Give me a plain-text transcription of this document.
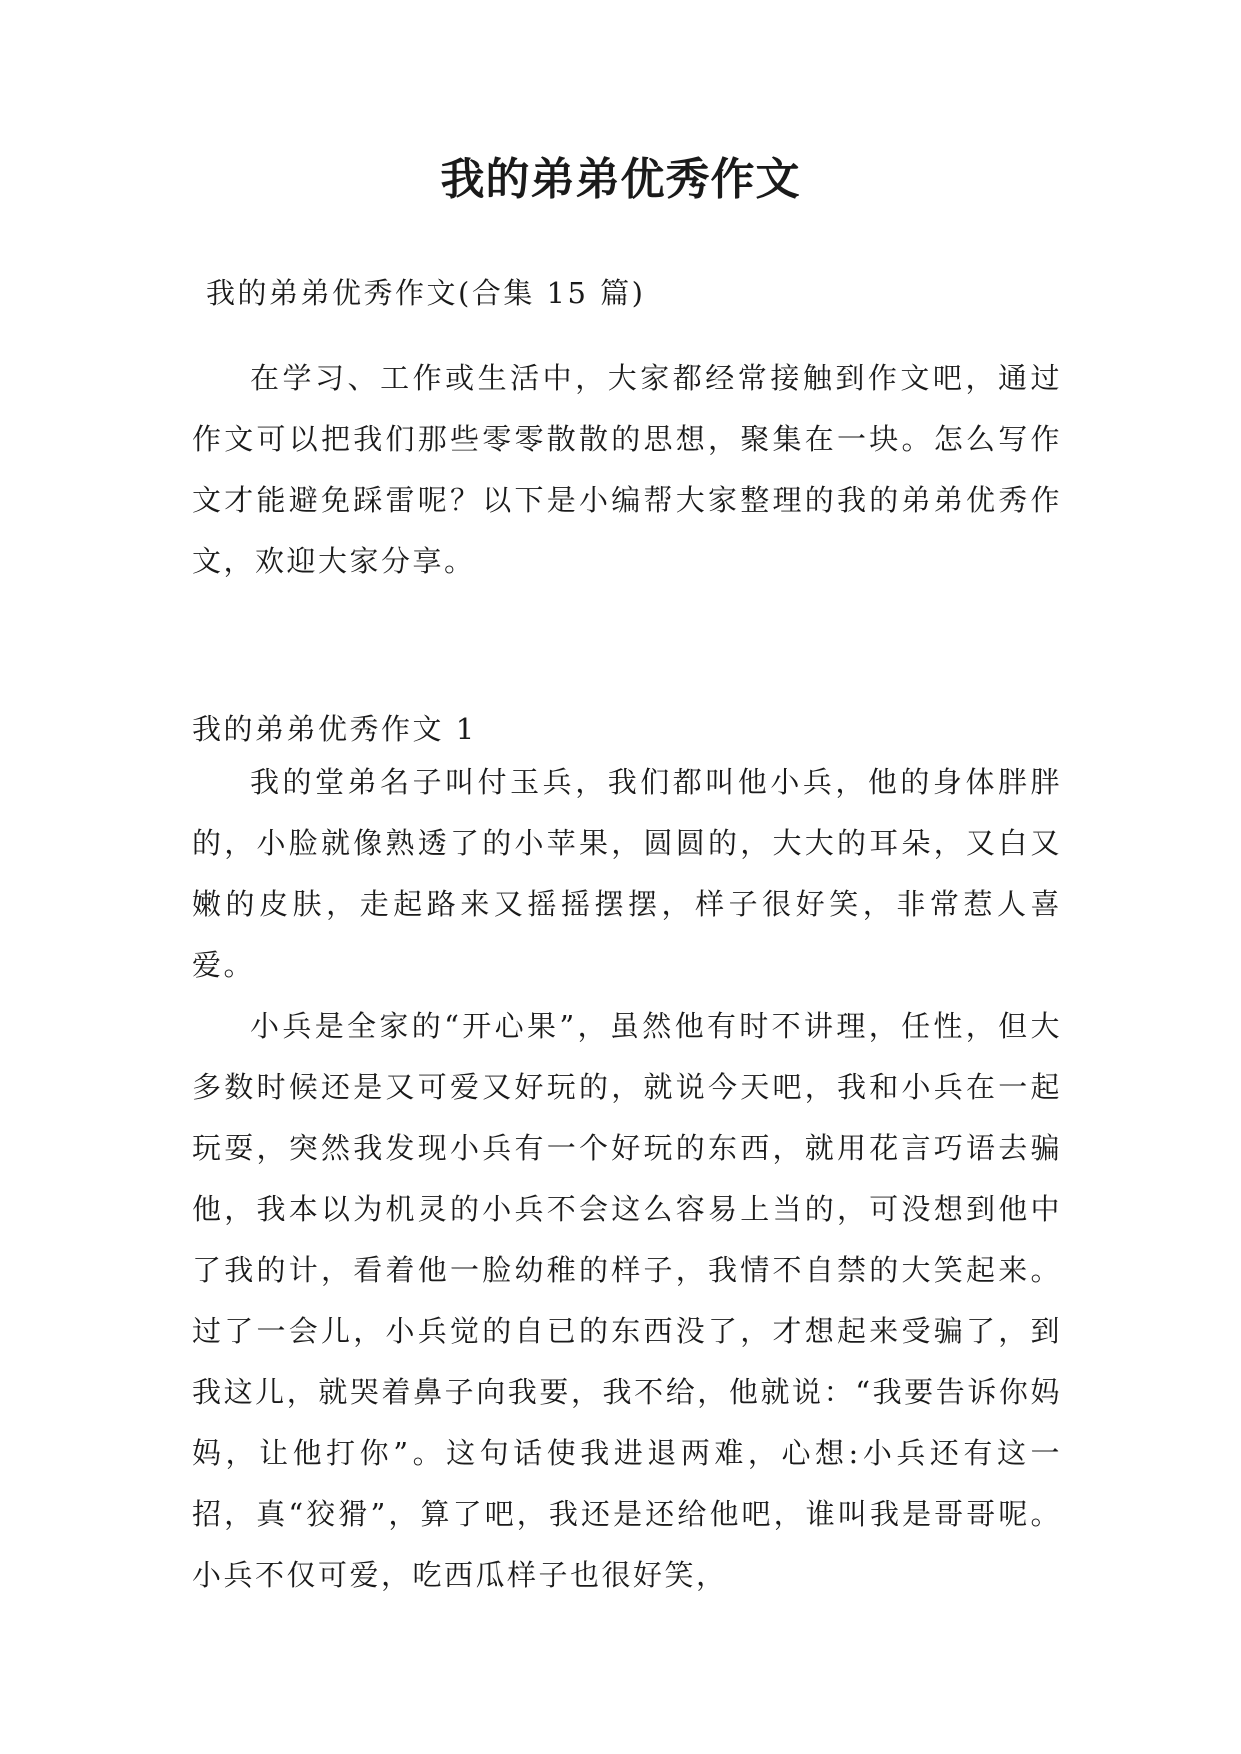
我的弟弟优秀作文
我的弟弟优秀作文(合集 15 篇)

在学习、工作或生活中，大家都经常接触到作文吧，通过作文可以把我们那些零零散散的思想，聚集在一块。怎么写作文才能避免踩雷呢？以下是小编帮大家整理的我的弟弟优秀作文，欢迎大家分享。

我的弟弟优秀作文 1

我的堂弟名子叫付玉兵，我们都叫他小兵，他的身体胖胖的，小脸就像熟透了的小苹果，圆圆的，大大的耳朵，又白又嫩的皮肤，走起路来又摇摇摆摆，样子很好笑，非常惹人喜爱。

小兵是全家的“开心果”，虽然他有时不讲理，任性，但大多数时候还是又可爱又好玩的，就说今天吧，我和小兵在一起玩耍，突然我发现小兵有一个好玩的东西，就用花言巧语去骗他，我本以为机灵的小兵不会这么容易上当的，可没想到他中了我的计，看着他一脸幼稚的样子，我情不自禁的大笑起来。过了一会儿，小兵觉的自已的东西没了，才想起来受骗了，到我这儿，就哭着鼻子向我要，我不给，他就说：“我要告诉你妈妈，让他打你”。这句话使我进退两难，心想:小兵还有这一招，真“狡猾”，算了吧，我还是还给他吧，谁叫我是哥哥呢。小兵不仅可爱，吃西瓜样子也很好笑，
